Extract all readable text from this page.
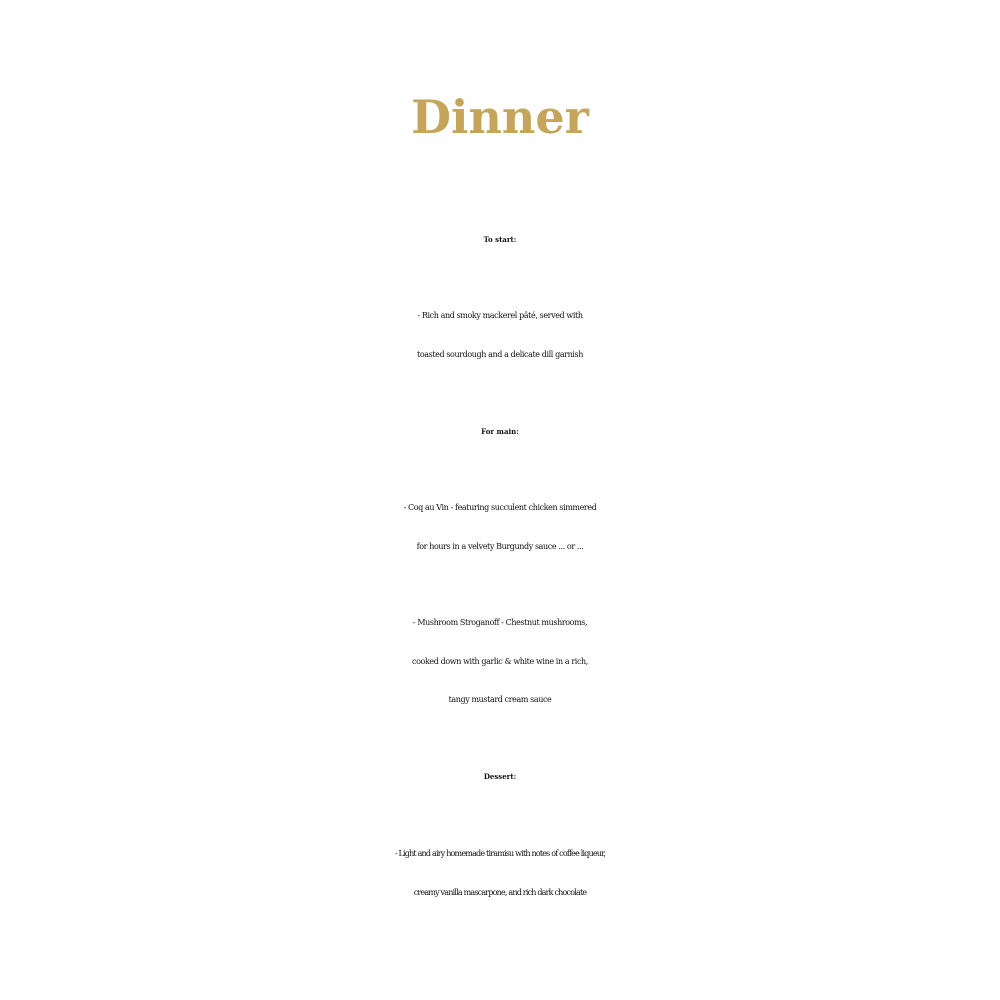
Dinner
To start:

- Rich and smoky mackerel pâté, served with
toasted sourdough and a delicate dill garnish

For main:

- Coq au Vin - featuring succulent chicken simmered
for hours in a velvety Burgundy sauce ... or ...

- Mushroom Stroganoff - Chestnut mushrooms,
cooked down with garlic & white wine in a rich,
tangy mustard cream sauce

Dessert:

- Light and airy homemade tiramisu with notes of coffee liqueur,
creamy vanilla mascarpone, and rich dark chocolate
